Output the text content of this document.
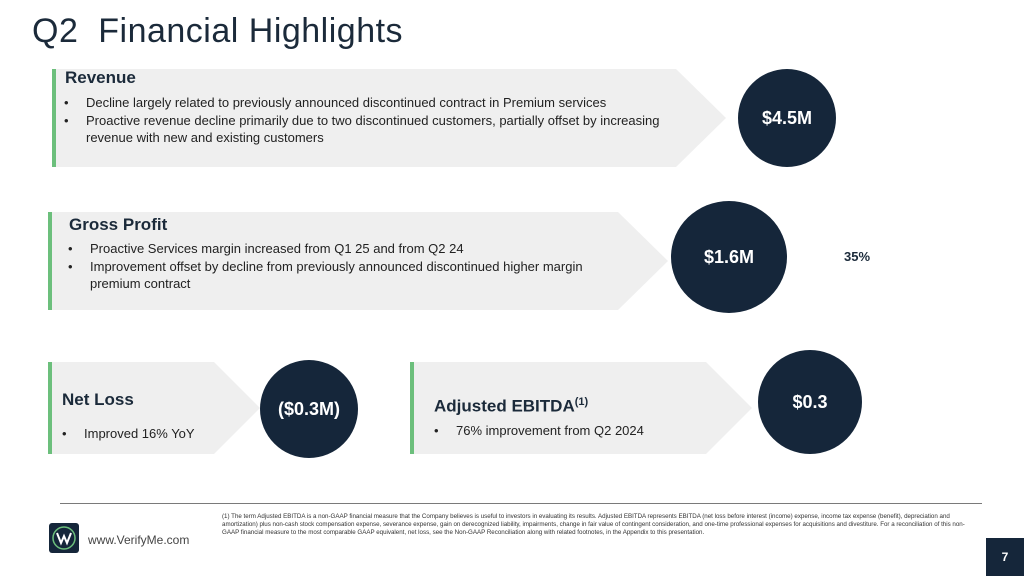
Q2  Financial Highlights
Revenue
• Decline largely related to previously announced discontinued contract in Premium services
• Proactive revenue decline primarily due to two discontinued customers, partially offset by increasing revenue with new and existing customers
$4.5M
Gross Profit
• Proactive Services margin increased from Q1 25 and from Q2 24
• Improvement offset by decline from previously announced discontinued higher margin premium contract
$1.6M	35%
Net Loss
• Improved 16% YoY
($0.3M)	Adjusted EBITDA$^{(1)}$
• 76% improvement from Q2 2024
$0.3
www.VerifyMe.com
(1) The term Adjusted EBITDA is a non-GAAP financial measure that the Company believes is useful to investors in evaluating its results. Adjusted EBITDA represents EBITDA (net loss before interest (income) expense, income tax expense (benefit), depreciation and amortization) plus non-cash stock compensation expense, severance expense, gain on derecognized liability, impairments, change in fair value of contingent consideration, and one-time professional expenses for acquisitions and divestiture. For a reconciliation of this non-GAAP financial measure to the most comparable GAAP equivalent, net loss, see the Non-GAAP Reconciliation along with related footnotes, in the Appendix to this presentation.
7
